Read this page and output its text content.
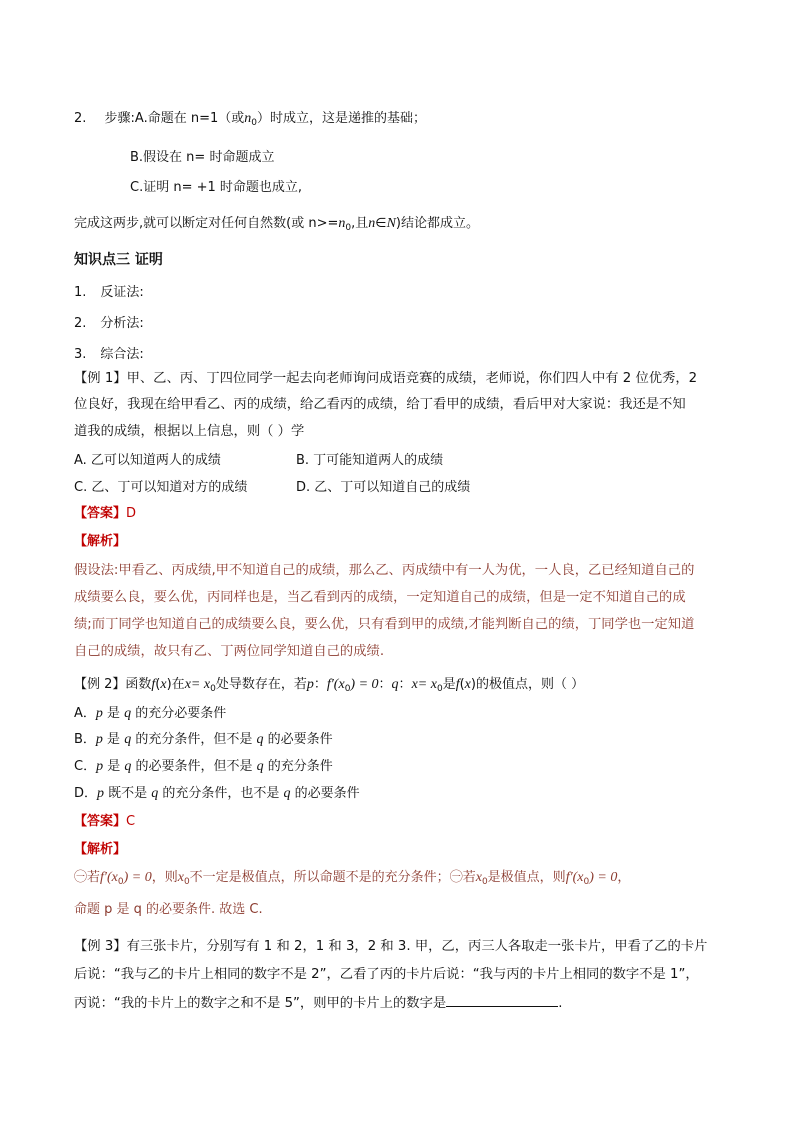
2. 步骤:A.命题在 n=1（或$n_0$）时成立，这是递推的基础；
B.假设在 n= 时命题成立
C.证明 n= +1 时命题也成立,
完成这两步,就可以断定对任何自然数(或 $n>=n_0$,且n∈N)结论都成立。
知识点三 证明
1. 反证法:
2. 分析法:
3. 综合法:
【例 1】甲、乙、丙、丁四位同学一起去向老师询问成语竞赛的成绩，老师说，你们四人中有 2 位优秀，2
位良好，我现在给甲看乙、丙的成绩，给乙看丙的成绩，给丁看甲的成绩，看后甲对大家说：我还是不知
道我的成绩，根据以上信息，则（ ）学
A. 乙可以知道两人的成绩	B. 丁可能知道两人的成绩
C. 乙、丁可以知道对方的成绩	D. 乙、丁可以知道自己的成绩
【答案】D
【解析】
假设法:甲看乙、丙成绩,甲不知道自己的成绩，那么乙、丙成绩中有一人为优，一人良，乙已经知道自己的
成绩要么良，要么优，丙同样也是，当乙看到丙的成绩，一定知道自己的成绩，但是一定不知道自己的成
绩;而丁同学也知道自己的成绩要么良，要么优，只有看到甲的成绩,才能判断自己的绩，丁同学也一定知道
自己的成绩，故只有乙、丁两位同学知道自己的成绩.
【例 2】函数f(x)在$x= x_0$处导数存在，若p：$f'(x_0) = 0$：q：$x= x_0$是f(x)的极值点，则（ ）
A．p 是 q 的充分必要条件
B．p 是 q 的充分条件，但不是 q 的必要条件
C．p 是 q 的必要条件，但不是 q 的充分条件
D．p 既不是 q 的充分条件，也不是 q 的必要条件
【答案】C
【解析】
㊀若$f'(x_0) = 0$，则$x_0$不一定是极值点，所以命题不是的充分条件；㊀若$x_0$是极值点，则$f'(x_0) = 0$，
命题 p 是 q 的必要条件. 故选 C.
【例 3】有三张卡片，分别写有 1 和 2，1 和 3，2 和 3. 甲，乙，丙三人各取走一张卡片，甲看了乙的卡片
后说：“我与乙的卡片上相同的数字不是 2”，乙看了丙的卡片后说：“我与丙的卡片上相同的数字不是 1”，
丙说：“我的卡片上的数字之和不是 5”，则甲的卡片上的数字是	.
